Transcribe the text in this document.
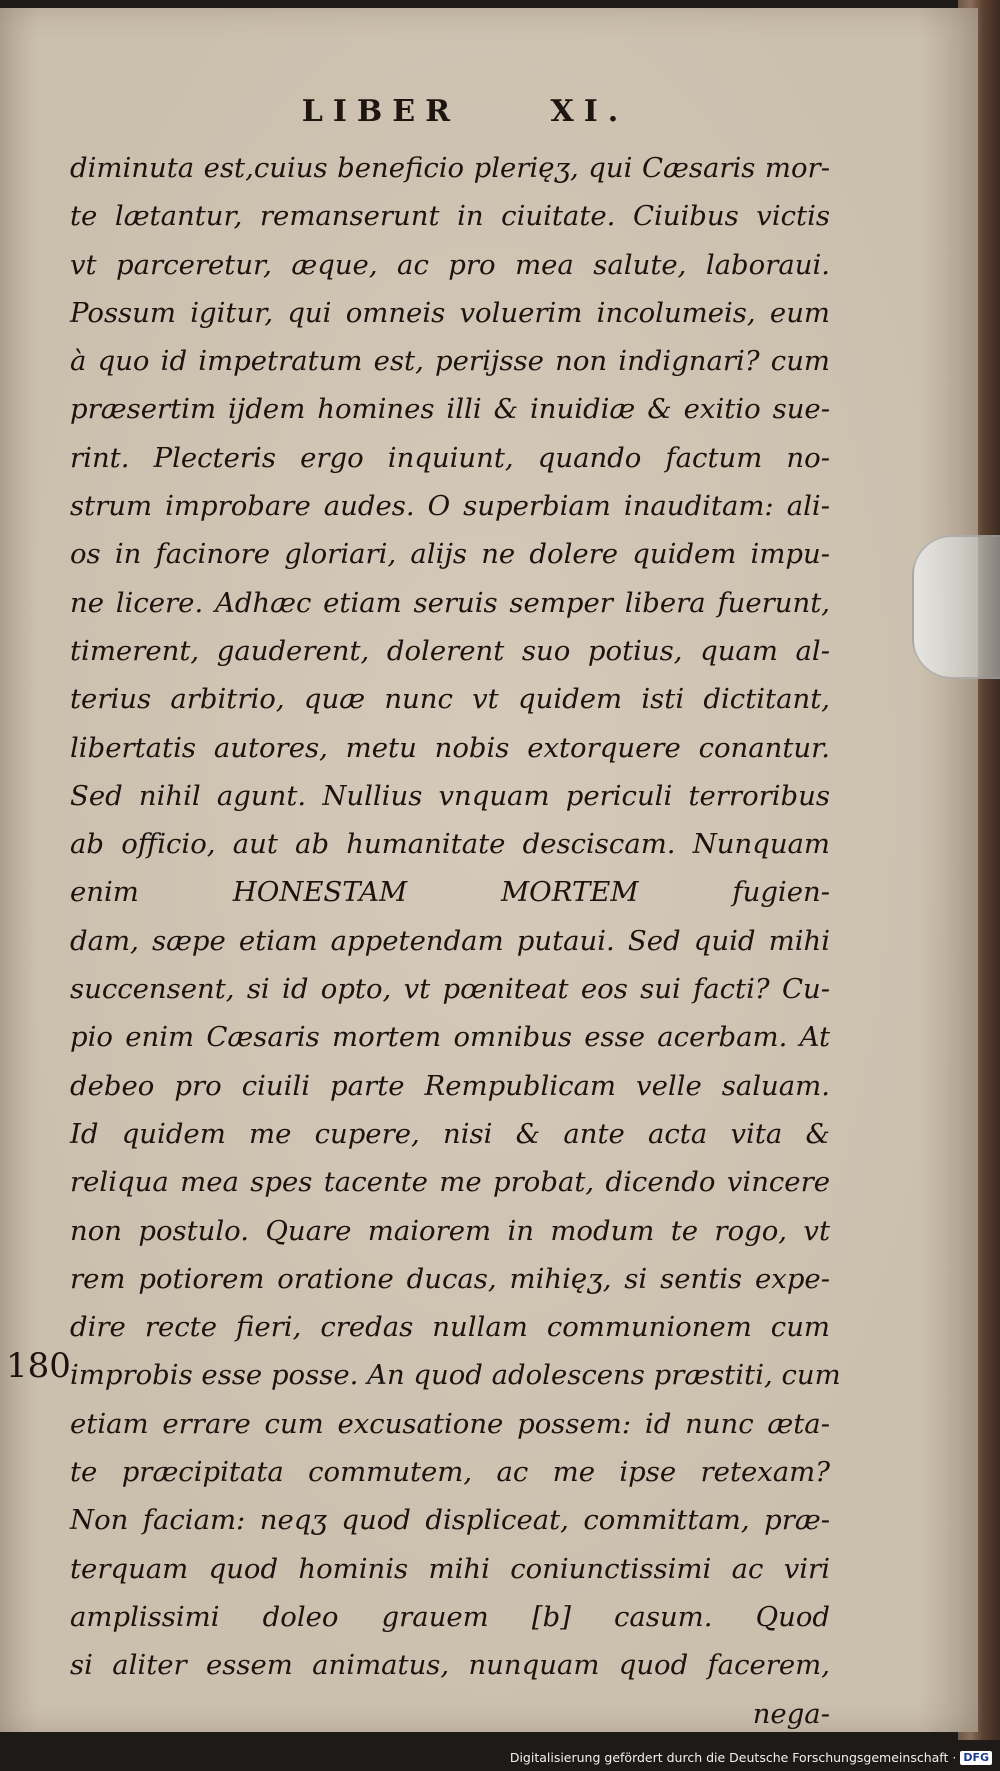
LIBER	XI.
diminuta est,cuius beneficio plerięʒ, qui Cæsaris mor-
te lætantur, remanserunt in ciuitate. Ciuibus victis
vt parceretur, æque, ac pro mea salute, laboraui.
Possum igitur, qui omneis voluerim incolumeis, eum
à quo id impetratum est, perijsse non indignari? cum
præsertim ijdem homines illi & inuidiæ & exitio sue-
rint. Plecteris ergo inquiunt, quando factum no-
strum improbare audes. O superbiam inauditam: ali-
os in facinore gloriari, alijs ne dolere quidem impu-
ne licere. Adhæc etiam seruis semper libera fuerunt,
timerent, gauderent, dolerent suo potius, quam al-
terius arbitrio, quæ nunc vt quidem isti dictitant,
libertatis autores, metu nobis extorquere conantur.
Sed nihil agunt. Nullius vnquam periculi terroribus
ab officio, aut ab humanitate desciscam. Nunquam
enim HONESTAM MORTEM fugien-
dam, sæpe etiam appetendam putaui. Sed quid mihi
succensent, si id opto, vt pœniteat eos sui facti? Cu-
pio enim Cæsaris mortem omnibus esse acerbam. At
debeo pro ciuili parte Rempublicam velle saluam.
Id quidem me cupere, nisi & ante acta vita &
reliqua mea spes tacente me probat, dicendo vincere
non postulo. Quare maiorem in modum te rogo, vt
rem potiorem oratione ducas, mihięʒ, si sentis expe-
dire recte fieri, credas nullam communionem cum
improbis esse posse. An quod adolescens præstiti, cum
etiam errare cum excusatione possem: id nunc æta-
te præcipitata commutem, ac me ipse retexam?
Non faciam: neqʒ quod displiceat, committam, præ-
terquam quod hominis mihi coniunctissimi ac viri
amplissimi doleo grauem [b] casum. Quod
si aliter essem animatus, nunquam quod facerem,
nega-
180
Digitalisierung gefördert durch die Deutsche Forschungsgemeinschaft · DFG
